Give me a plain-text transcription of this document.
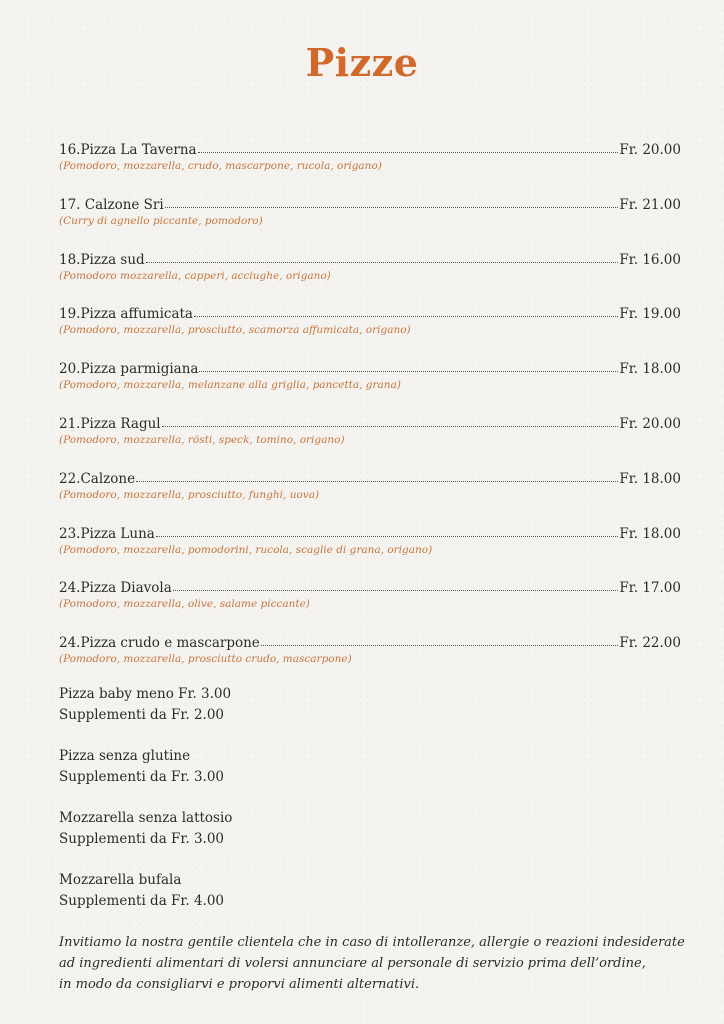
Pizze
16.Pizza La Taverna	Fr. 20.00
(Pomodoro, mozzarella, crudo, mascarpone, rucola, origano)
17. Calzone Sri	Fr. 21.00
(Curry di agnello piccante, pomodoro)
18.Pizza sud	Fr. 16.00
(Pomodoro mozzarella, capperi, acciughe, origano)
19.Pizza affumicata	Fr. 19.00
(Pomodoro, mozzarella, prosciutto, scamorza affumicata, origano)
20.Pizza parmigiana	Fr. 18.00
(Pomodoro, mozzarella, melanzane alla griglia, pancetta, grana)
21.Pizza Ragul	Fr. 20.00
(Pomodoro, mozzarella, rösti, speck, tomino, origano)
22.Calzone	Fr. 18.00
(Pomodoro, mozzarella, prosciutto, funghi, uova)
23.Pizza Luna	Fr. 18.00
(Pomodoro, mozzarella, pomodorini, rucola, scaglie di grana, origano)
24.Pizza Diavola	Fr. 17.00
(Pomodoro, mozzarella, olive, salame piccante)
24.Pizza crudo e mascarpone	Fr. 22.00
(Pomodoro, mozzarella, prosciutto crudo, mascarpone)
Pizza baby meno Fr. 3.00
Supplementi da Fr. 2.00
Pizza senza glutine
Supplementi da Fr. 3.00
Mozzarella senza lattosio
Supplementi da Fr. 3.00
Mozzarella bufala
Supplementi da Fr. 4.00
Invitiamo la nostra gentile clientela che in caso di intolleranze, allergie o reazioni indesiderate
ad ingredienti alimentari di volersi annunciare al personale di servizio prima dell’ordine,
in modo da consigliarvi e proporvi alimenti alternativi.
